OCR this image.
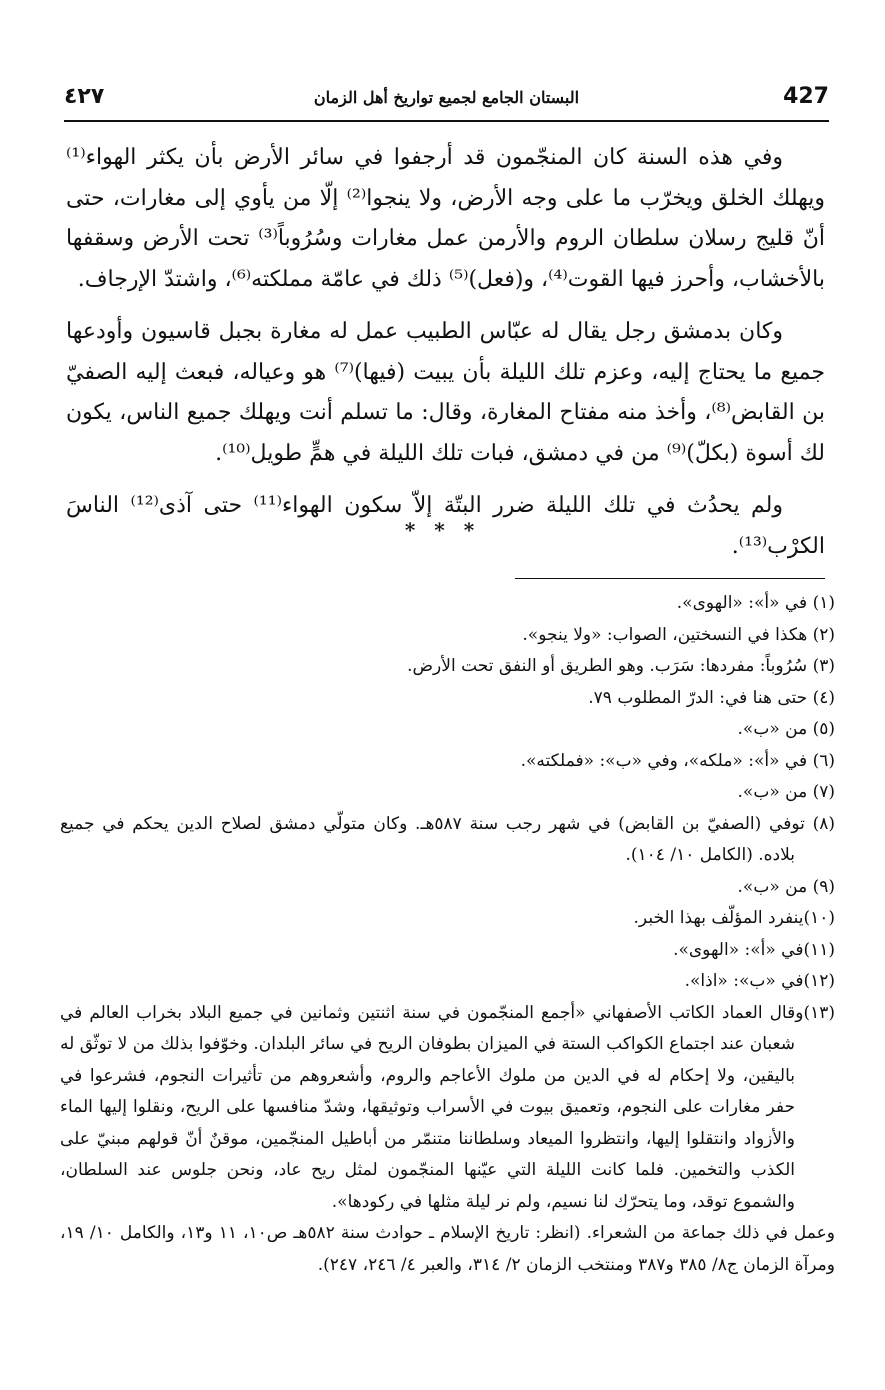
٤٢٧	البستان الجامع لجميع تواريخ أهل الزمان	427

وفي هذه السنة كان المنجّمون قد أرجفوا في سائر الأرض بأن يكثر الهواء⁽¹⁾ ويهلك الخلق ويخرّب ما على وجه الأرض، ولا ينجوا⁽²⁾ إلّا من يأوي إلى مغارات، حتى أنّ قليج رسلان سلطان الروم والأرمن عمل مغارات وسُرُوباً⁽³⁾ تحت الأرض وسقفها بالأخشاب، وأحرز فيها القوت⁽⁴⁾، و(فعل)⁽⁵⁾ ذلك في عامّة مملكته⁽⁶⁾، واشتدّ الإرجاف.

وكان بدمشق رجل يقال له عبّاس الطبيب عمل له مغارة بجبل قاسيون وأودعها جميع ما يحتاج إليه، وعزم تلك الليلة بأن يبيت (فيها)⁽⁷⁾ هو وعياله، فبعث إليه الصفيّ بن القابض⁽⁸⁾، وأخذ منه مفتاح المغارة، وقال: ما تسلم أنت ويهلك جميع الناس، يكون لك أسوة (بكلّ)⁽⁹⁾ من في دمشق، فبات تلك الليلة في همٍّ طويل⁽¹⁰⁾.

ولم يحدُث في تلك الليلة ضرر البتّة إلاّ سكون الهواء⁽¹¹⁾ حتى آذى⁽¹²⁾ الناسَ الكرْب⁽¹³⁾.

* * *

(١) في «أ»: «الهوى».

(٢) هكذا في النسختين، الصواب: «ولا ينجو».

(٣) سُرُوباً: مفردها: سَرَب. وهو الطريق أو النفق تحت الأرض.

(٤) حتى هنا في: الدرّ المطلوب ٧٩.

(٥) من «ب».

(٦) في «أ»: «ملكه»، وفي «ب»: «فملكته».

(٧) من «ب».

(٨) توفي (الصفيّ بن القابض) في شهر رجب سنة ٥٨٧هـ. وكان متولّي دمشق لصلاح الدين يحكم في جميع بلاده. (الكامل ١٠/ ١٠٤).

(٩) من «ب».

(١٠)ينفرد المؤلّف بهذا الخبر.

(١١)في «أ»: «الهوى».

(١٢)في «ب»: «اذا».

(١٣)وقال العماد الكاتب الأصفهاني «أجمع المنجّمون في سنة اثنتين وثمانين في جميع البلاد بخراب العالم في شعبان عند اجتماع الكواكب الستة في الميزان بطوفان الريح في سائر البلدان. وخوّفوا بذلك من لا توثّق له باليقين، ولا إحكام له في الدين من ملوك الأعاجم والروم، وأشعروهم من تأثيرات النجوم، فشرعوا في حفر مغارات على النجوم، وتعميق بيوت في الأسراب وتوثيقها، وشدّ منافسها على الريح، ونقلوا إليها الماء والأزواد وانتقلوا إليها، وانتظروا الميعاد وسلطاننا متنمّر من أباطيل المنجّمين، موقنٌ أنّ قولهم مبنيّ على الكذب والتخمين. فلما كانت الليلة التي عيّنها المنجّمون لمثل ريح عاد، ونحن جلوس عند السلطان، والشموع توقد، وما يتحرّك لنا نسيم، ولم نر ليلة مثلها في ركودها».

وعمل في ذلك جماعة من الشعراء. (انظر: تاريخ الإسلام ـ حوادث سنة ٥٨٢هـ ص١٠، ١١ و١٣، والكامل ١٠/ ١٩، ومرآة الزمان ج٨/ ٣٨٥ و٣٨٧ ومنتخب الزمان ٢/ ٣١٤، والعبر ٤/ ٢٤٦، ٢٤٧).
